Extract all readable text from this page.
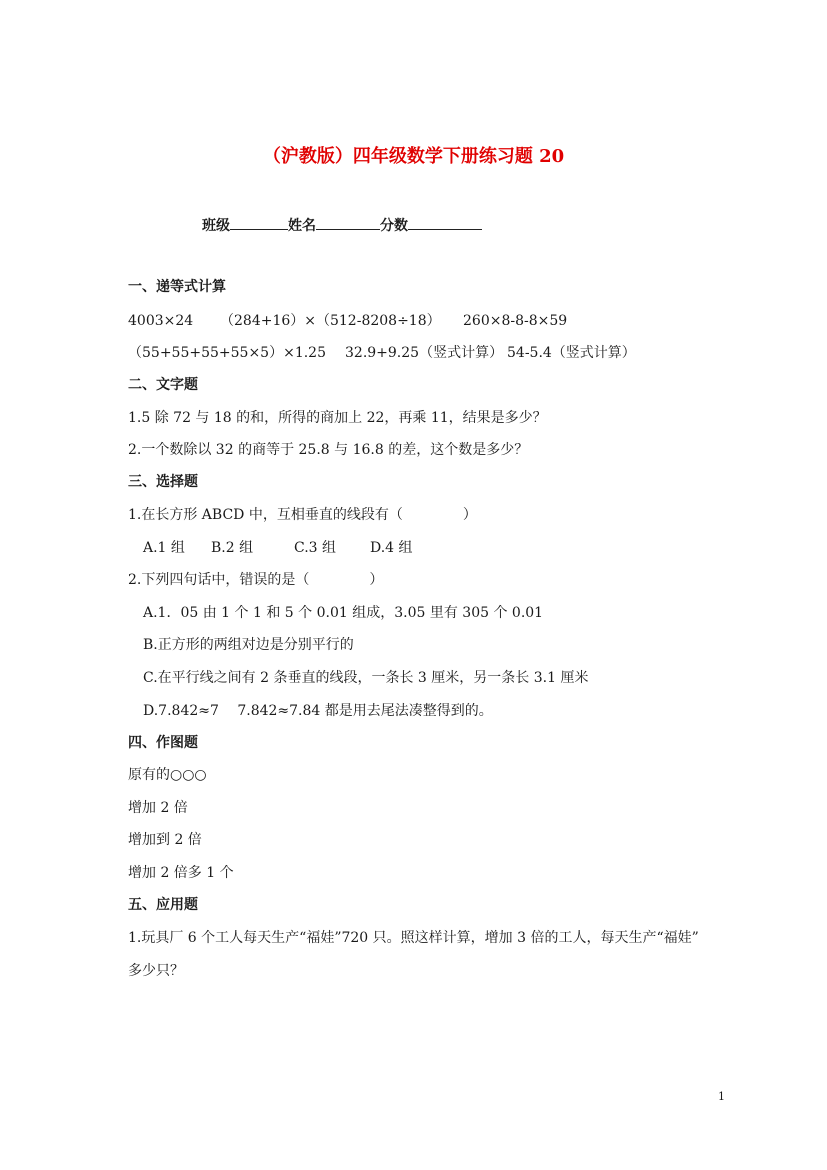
（沪教版）四年级数学下册练习题 20
班级	姓名	分数
一、递等式计算
4003×24 （284+16）×（512-8208÷18） 260×8-8-8×59
（55+55+55+55×5）×1.25 32.9+9.25（竖式计算） 54-5.4（竖式计算）
二、文字题
1.5 除 72 与 18 的和，所得的商加上 22，再乘 11，结果是多少？
2.一个数除以 32 的商等于 25.8 与 16.8 的差，这个数是多少？
三、选择题
1.在长方形 ABCD 中，互相垂直的线段有（	）
A.1 组 B.2 组	C.3 组 D.4 组
2.下列四句话中，错误的是（	）
A.1．05 由 1 个 1 和 5 个 0.01 组成，3.05 里有 305 个 0.01
B.正方形的两组对边是分别平行的
C.在平行线之间有 2 条垂直的线段，一条长 3 厘米，另一条长 3.1 厘米
D.7.842≈7　 7.842≈7.84 都是用去尾法凑整得到的。
四、作图题
原有的○○○
增加 2 倍
增加到 2 倍
增加 2 倍多 1 个
五、应用题
1.玩具厂 6 个工人每天生产“福娃”720 只。照这样计算，增加 3 倍的工人，每天生产“福娃”
多少只？
1
